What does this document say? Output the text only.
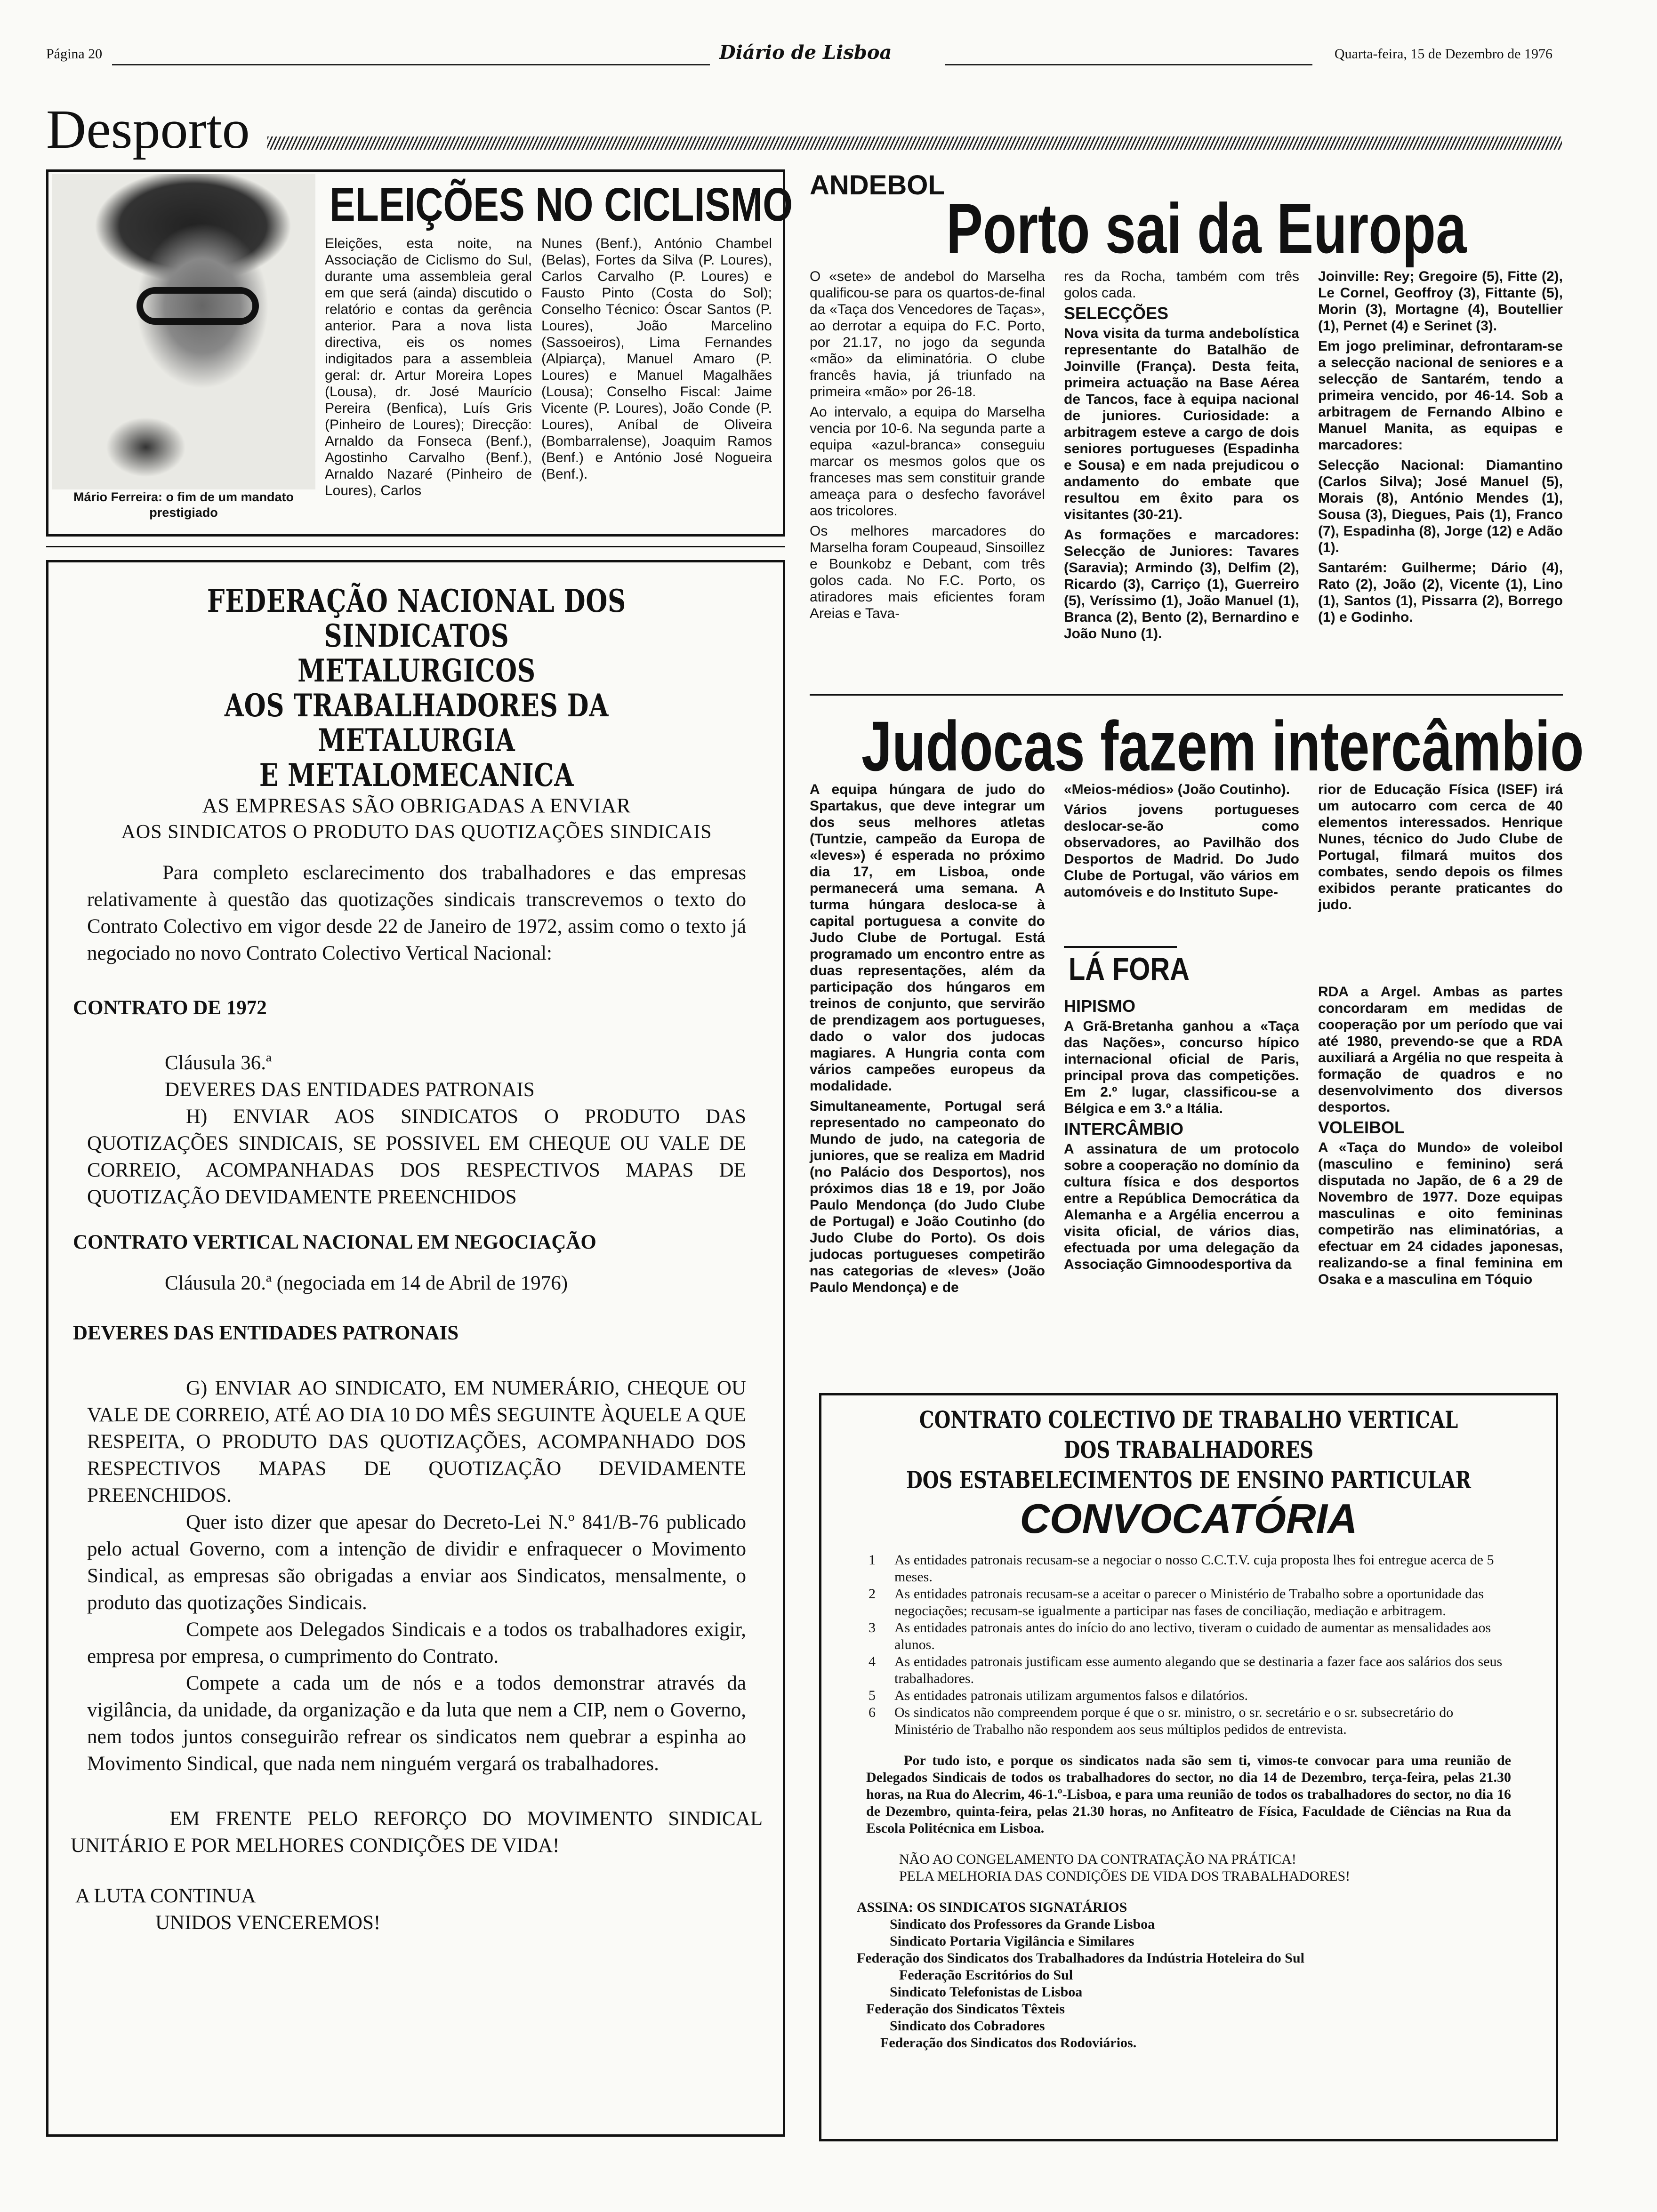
Página 20	Diário de Lisboa	Quarta-feira, 15 de Dezembro de 1976
Desporto
Mário Ferreira: o fim de um mandato prestigiado
ELEIÇÕES NO CICLISMO
Eleições, esta noite, na Associação de Ciclismo do Sul, durante uma assembleia geral em que será (ainda) discutido o relatório e contas da gerência anterior. Para a nova lista directiva, eis os nomes indigitados para a assembleia geral: dr. Artur Moreira Lopes (Lousa), dr. José Maurício Pereira (Benfica), Luís Gris (Pinheiro de Loures); Direcção: Arnaldo da Fonseca (Benf.), Agostinho Carvalho (Benf.), Arnaldo Nazaré (Pinheiro de Loures), Carlos
Nunes (Benf.), António Chambel (Belas), Fortes da Silva (P. Loures), Carlos Carvalho (P. Loures) e Fausto Pinto (Costa do Sol); Conselho Técnico: Óscar Santos (P. Loures), João Marcelino (Sassoeiros), Lima Fernandes (Alpiarça), Manuel Amaro (P. Loures) e Manuel Magalhães (Lousa); Conselho Fiscal: Jaime Vicente (P. Loures), João Conde (P. Loures), Aníbal de Oliveira (Bombarralense), Joaquim Ramos (Benf.) e António José Nogueira (Benf.).
ANDEBOL
Porto sai da Europa

O «sete» de andebol do Marselha qualificou-se para os quartos-de-final da «Taça dos Vencedores de Taças», ao derrotar a equipa do F.C. Porto, por 21.17, no jogo da segunda «mão» da eliminatória. O clube francês havia, já triunfado na primeira «mão» por 26-18.

Ao intervalo, a equipa do Marselha vencia por 10-6. Na segunda parte a equipa «azul-branca» conseguiu marcar os mesmos golos que os franceses mas sem constituir grande ameaça para o desfecho favorável aos tricolores.

Os melhores marcadores do Marselha foram Coupeaud, Sinsoillez e Bounkobz e Debant, com três golos cada. No F.C. Porto, os atiradores mais eficientes foram Areias e Tava-

res da Rocha, também com três golos cada.

SELECÇÕES

Nova visita da turma andebolística representante do Batalhão de Joinville (França). Desta feita, primeira actuação na Base Aérea de Tancos, face à equipa nacional de juniores. Curiosidade: a arbitragem esteve a cargo de dois seniores portugueses (Espadinha e Sousa) e em nada prejudicou o andamento do embate que resultou em êxito para os visitantes (30-21).

As formações e marcadores: Selecção de Juniores: Tavares (Saravia); Armindo (3), Delfim (2), Ricardo (3), Carriço (1), Guerreiro (5), Veríssimo (1), João Manuel (1), Branca (2), Bento (2), Bernardino e João Nuno (1).

Joinville: Rey; Gregoire (5), Fitte (2), Le Cornel, Geoffroy (3), Fittante (5), Morin (3), Mortagne (4), Boutellier (1), Pernet (4) e Serinet (3).

Em jogo preliminar, defrontaram-se a selecção nacional de seniores e a selecção de Santarém, tendo a primeira vencido, por 46-14. Sob a arbitragem de Fernando Albino e Manuel Manita, as equipas e marcadores:

Selecção Nacional: Diamantino (Carlos Silva); José Manuel (5), Morais (8), António Mendes (1), Sousa (3), Diegues, Pais (1), Franco (7), Espadinha (8), Jorge (12) e Adão (1).

Santarém: Guilherme; Dário (4), Rato (2), João (2), Vicente (1), Lino (1), Santos (1), Pissarra (2), Borrego (1) e Godinho.

Judocas fazem intercâmbio

A equipa húngara de judo do Spartakus, que deve integrar um dos seus melhores atletas (Tuntzie, campeão da Europa de «leves») é esperada no próximo dia 17, em Lisboa, onde permanecerá uma semana. A turma húngara desloca-se à capital portuguesa a convite do Judo Clube de Portugal. Está programado um encontro entre as duas representações, além da participação dos húngaros em treinos de conjunto, que servirão de prendizagem aos portugueses, dado o valor dos judocas magiares. A Hungria conta com vários campeões europeus da modalidade.

Simultaneamente, Portugal será representado no campeonato do Mundo de judo, na categoria de juniores, que se realiza em Madrid (no Palácio dos Desportos), nos próximos dias 18 e 19, por João Paulo Mendonça (do Judo Clube de Portugal) e João Coutinho (do Judo Clube do Porto). Os dois judocas portugueses competirão nas categorias de «leves» (João Paulo Mendonça) e de

«Meios-médios» (João Coutinho).

Vários jovens portugueses deslocar-se-ão como observadores, ao Pavilhão dos Desportos de Madrid. Do Judo Clube de Portugal, vão vários em automóveis e do Instituto Supe-

rior de Educação Física (ISEF) irá um autocarro com cerca de 40 elementos interessados. Henrique Nunes, técnico do Judo Clube de Portugal, filmará muitos dos combates, sendo depois os filmes exibidos perante praticantes do judo.

LÁ FORA
HIPISMO

A Grã-Bretanha ganhou a «Taça das Nações», concurso hípico internacional oficial de Paris, principal prova das competições. Em 2.º lugar, classificou-se a Bélgica e em 3.º a Itália.

INTERCÂMBIO

A assinatura de um protocolo sobre a cooperação no domínio da cultura física e dos desportos entre a República Democrática da Alemanha e a Argélia encerrou a visita oficial, de vários dias, efectuada por uma delegação da Associação Gimnoodesportiva da

RDA a Argel. Ambas as partes concordaram em medidas de cooperação por um período que vai até 1980, prevendo-se que a RDA auxiliará a Argélia no que respeita à formação de quadros e no desenvolvimento dos diversos desportos.

VOLEIBOL

A «Taça do Mundo» de voleibol (masculino e feminino) será disputada no Japão, de 6 a 29 de Novembro de 1977. Doze equipas masculinas e oito femininas competirão nas eliminatórias, a efectuar em 24 cidades japonesas, realizando-se a final feminina em Osaka e a masculina em Tóquio

FEDERAÇÃO NACIONAL DOS SINDICATOS
METALURGICOS
AOS TRABALHADORES DA METALURGIA
E METALOMECANICA
AS EMPRESAS SÃO OBRIGADAS A ENVIAR
AOS SINDICATOS O PRODUTO DAS QUOTIZAÇÕES SINDICAIS

Para completo esclarecimento dos trabalhadores e das empresas relativamente à questão das quotizações sindicais transcrevemos o texto do Contrato Colectivo em vigor desde 22 de Janeiro de 1972, assim como o texto já negociado no novo Contrato Colectivo Vertical Nacional:

CONTRATO DE 1972
Cláusula 36.ª
DEVERES DAS ENTIDADES PATRONAIS

H) ENVIAR AOS SINDICATOS O PRODUTO DAS QUOTIZAÇÕES SINDICAIS, SE POSSIVEL EM CHEQUE OU VALE DE CORREIO, ACOMPANHADAS DOS RESPECTIVOS MAPAS DE QUOTIZAÇÃO DEVIDAMENTE PREENCHIDOS

CONTRATO VERTICAL NACIONAL EM NEGOCIAÇÃO
Cláusula 20.ª (negociada em 14 de Abril de 1976)
DEVERES DAS ENTIDADES PATRONAIS

G) ENVIAR AO SINDICATO, EM NUMERÁRIO, CHEQUE OU VALE DE CORREIO, ATÉ AO DIA 10 DO MÊS SEGUINTE ÀQUELE A QUE RESPEITA, O PRODUTO DAS QUOTIZAÇÕES, ACOMPANHADO DOS RESPECTIVOS MAPAS DE QUOTIZAÇÃO DEVIDAMENTE PREENCHIDOS.

Quer isto dizer que apesar do Decreto-Lei N.º 841/B-76 publicado pelo actual Governo, com a intenção de dividir e enfraquecer o Movimento Sindical, as empresas são obrigadas a enviar aos Sindicatos, mensalmente, o produto das quotizações Sindicais.

Compete aos Delegados Sindicais e a todos os trabalhadores exigir, empresa por empresa, o cumprimento do Contrato.

Compete a cada um de nós e a todos demonstrar através da vigilância, da unidade, da organização e da luta que nem a CIP, nem o Governo, nem todos juntos conseguirão refrear os sindicatos nem quebrar a espinha ao Movimento Sindical, que nada nem ninguém vergará os trabalhadores.

EM FRENTE PELO REFORÇO DO MOVIMENTO SINDICAL UNITÁRIO E POR MELHORES CONDIÇÕES DE VIDA!

A LUTA CONTINUA
UNIDOS VENCEREMOS!
CONTRATO COLECTIVO DE TRABALHO VERTICAL
DOS TRABALHADORES
DOS ESTABELECIMENTOS DE ENSINO PARTICULAR
CONVOCATÓRIA
1 As entidades patronais recusam-se a negociar o nosso C.C.T.V. cuja proposta lhes foi entregue acerca de 5 meses.
2 As entidades patronais recusam-se a aceitar o parecer o Ministério de Trabalho sobre a oportunidade das negociações; recusam-se igualmente a participar nas fases de conciliação, mediação e arbitragem.
3 As entidades patronais antes do início do ano lectivo, tiveram o cuidado de aumentar as mensalidades aos alunos.
4 As entidades patronais justificam esse aumento alegando que se destinaria a fazer face aos salários dos seus trabalhadores.
5 As entidades patronais utilizam argumentos falsos e dilatórios.
6 Os sindicatos não compreendem porque é que o sr. ministro, o sr. secretário e o sr. subsecretário do Ministério de Trabalho não respondem aos seus múltiplos pedidos de entrevista.

Por tudo isto, e porque os sindicatos nada são sem ti, vimos-te convocar para uma reunião de Delegados Sindicais de todos os trabalhadores do sector, no dia 14 de Dezembro, terça-feira, pelas 21.30 horas, na Rua do Alecrim, 46-1.º-Lisboa, e para uma reunião de todos os trabalhadores do sector, no dia 16 de Dezembro, quinta-feira, pelas 21.30 horas, no Anfiteatro de Física, Faculdade de Ciências na Rua da Escola Politécnica em Lisboa.

NÃO AO CONGELAMENTO DA CONTRATAÇÃO NA PRÁTICA!
PELA MELHORIA DAS CONDIÇÕES DE VIDA DOS TRABALHADORES!
ASSINA: OS SINDICATOS SIGNATÁRIOS
Sindicato dos Professores da Grande Lisboa
Sindicato Portaria Vigilância e Similares
Federação dos Sindicatos dos Trabalhadores da Indústria Hoteleira do Sul
Federação Escritórios do Sul
Sindicato Telefonistas de Lisboa
Federação dos Sindicatos Têxteis
Sindicato dos Cobradores
Federação dos Sindicatos dos Rodoviários.
